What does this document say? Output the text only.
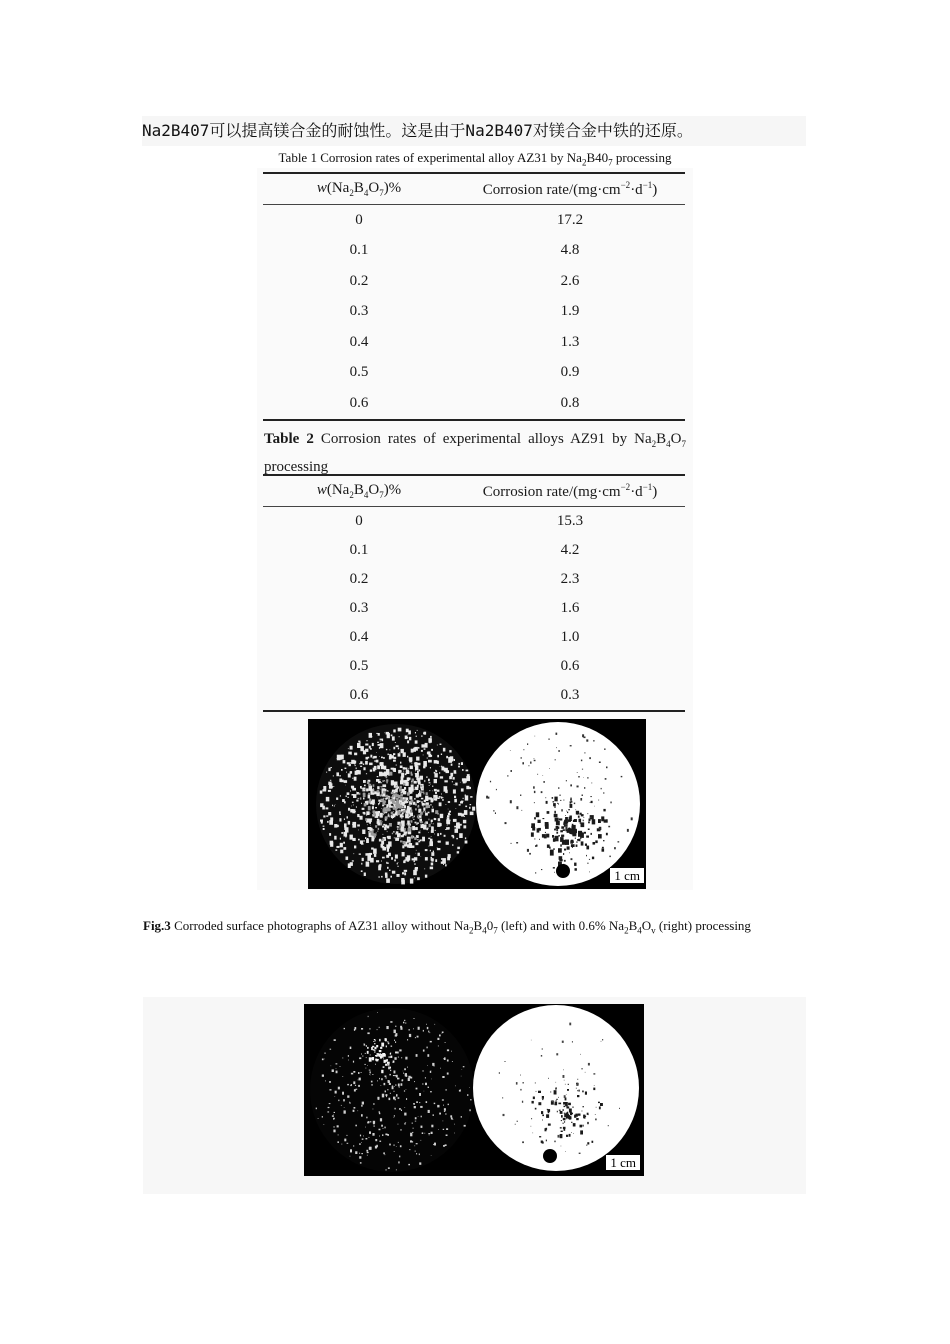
Na2B407可以提高镁合金的耐蚀性。这是由于Na2B407对镁合金中铁的还原。
Table 1 Corrosion rates of experimental alloy AZ31 by $Na_2B40_7$ processing
$w(Na_2B_4O_7)\%$	Corrosion rate/$(mg\cdot cm^{-2}\cdot d^{-1})$
0	17.2
0.1	4.8
0.2	2.6
0.3	1.9
0.4	1.3
0.5	0.9
0.6	0.8
Table 2 Corrosion rates of experimental alloys AZ91 by $Na_2B_4O_7$ processing
$w(Na_2B_4O_7)\%$	Corrosion rate/$(mg\cdot cm^{-2}\cdot d^{-1})$
0	15.3
0.1	4.2
0.2	2.3
0.3	1.6
0.4	1.0
0.5	0.6
0.6	0.3
1 cm
Fig.3 Corroded surface photographs of AZ31 alloy without $Na_2B_40_7$ (left) and with 0.6% $Na_2B_4O_v$ (right) processing
1 cm
